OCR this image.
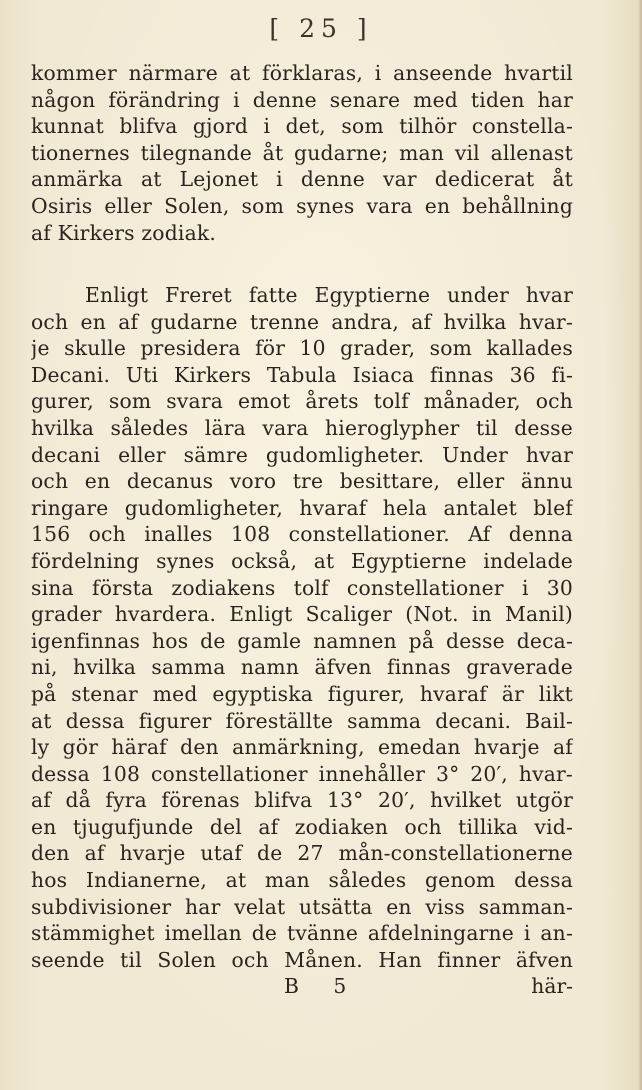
[ 25 ]
kommer närmare at förklaras, i anseende hvartil
någon förändring i denne senare med tiden har
kunnat blifva gjord i det, som tilhör constella-
tionernes tilegnande åt gudarne; man vil allenast
anmärka at Lejonet i denne var dedicerat åt
Osiris eller Solen, som synes vara en behållning
af Kirkers zodiak.
Enligt Freret fatte Egyptierne under hvar
och en af gudarne trenne andra, af hvilka hvar-
je skulle presidera för 10 grader, som kallades
Decani. Uti Kirkers Tabula Isiaca finnas 36 fi-
gurer, som svara emot årets tolf månader, och
hvilka således lära vara hieroglypher til desse
decani eller sämre gudomligheter. Under hvar
och en decanus voro tre besittare, eller ännu
ringare gudomligheter, hvaraf hela antalet blef
156 och inalles 108 constellationer. Af denna
fördelning synes också, at Egyptierne indelade
sina första zodiakens tolf constellationer i 30
grader hvardera. Enligt Scaliger (Not. in Manil)
igenfinnas hos de gamle namnen på desse deca-
ni, hvilka samma namn äfven finnas graverade
på stenar med egyptiska figurer, hvaraf är likt
at dessa figurer föreställte samma decani. Bail-
ly gör häraf den anmärkning, emedan hvarje af
dessa 108 constellationer innehåller 3° 20′, hvar-
af då fyra förenas blifva 13° 20′, hvilket utgör
en tjugufjunde del af zodiaken och tillika vid-
den af hvarje utaf de 27 mån-constellationerne
hos Indianerne, at man således genom dessa
subdivisioner har velat utsätta en viss samman-
stämmighet imellan de tvänne afdelningarne i an-
seende til Solen och Månen. Han finner äfven
B 5	här-
